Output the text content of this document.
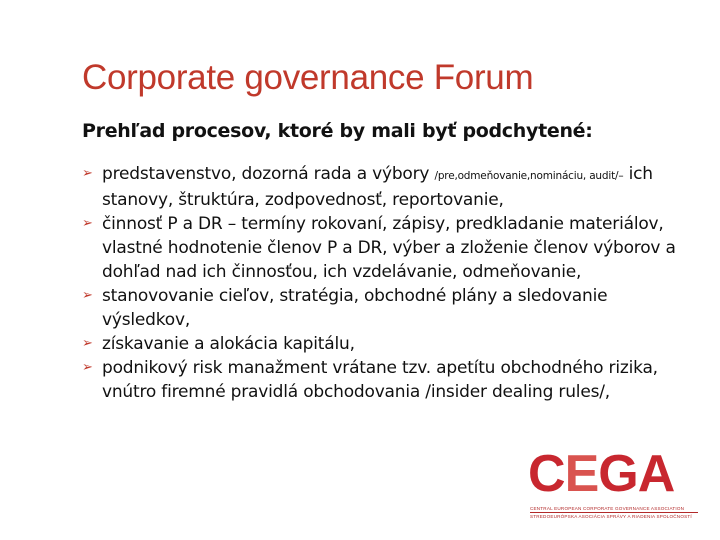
Corporate governance Forum
Prehľad procesov, ktoré by mali byť podchytené:
➢ predstavenstvo, dozorná rada a výbory /pre,odmeňovanie,nomináciu, audit/– ich stanovy, štruktúra, zodpovednosť, reportovanie,
➢ činnosť P a DR – termíny rokovaní, zápisy, predkladanie materiálov, vlastné hodnotenie členov P a DR, výber a zloženie členov výborov a dohľad nad ich činnosťou, ich vzdelávanie, odmeňovanie,
➢ stanovovanie cieľov, stratégia, obchodné plány a sledovanie výsledkov,
➢ získavanie a alokácia kapitálu,
➢ podnikový risk manažment vrátane tzv. apetítu obchodného rizika, vnútro firemné pravidlá obchodovania /insider dealing rules/,
CEGA
CENTRAL EUROPEAN CORPORATE GOVERNANCE ASSOCIATION
STREDOEURÓPSKA ASOCIÁCIA SPRÁVY A RIADENIA SPOLOČNOSTÍ
